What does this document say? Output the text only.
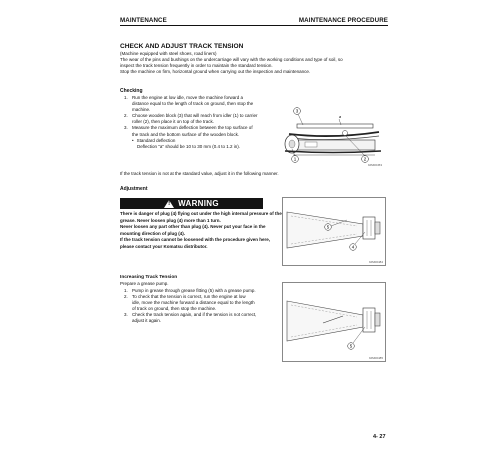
MAINTENANCE	MAINTENANCE PROCEDURE
CHECK AND ADJUST TRACK TENSION
(Machine equipped with steel shoes, road liners)
The wear of the pins and bushings on the undercarriage will vary with the working conditions and type of soil, so
inspect the track tension frequently in order to maintain the standard tension.
Stop the machine on firm, horizontal ground when carrying out the inspection and maintenance.
Checking
1. Run the engine at low idle, move the machine forward a
distance equal to the length of track on ground, then stop the
machine.
2. Choose wooden block (3) that will reach from idler (1) to carrier
roller (2), then place it on top of the track.
3. Measure the maximum deflection between the top surface of
the track and the bottom surface of the wooden block.
• Standard deflection
Deflection "a" should be 10 to 30 mm (0.4 to 1.2 in).
3
a
1	2
9JM00453
If the track tension is not at the standard value, adjust it in the following manner.
Adjustment
! WARNING
There is danger of plug (4) flying out under the high internal pressure of the
grease. Never loosen plug (4) more than 1 turn.
Never loosen any part other than plug (4). Never put your face in the
mounting direction of plug (4).
If the track tension cannot be loosened with the procedure given here,
please contact your Komatsu distributor.
5
4
9JM00484
Increasing Track Tension
Prepare a grease pump.
1. Pump in grease through grease fitting (5) with a grease pump.
2. To check that the tension is correct, run the engine at low
idle, move the machine forward a distance equal to the length
of track on ground, then stop the machine.
3. Check the track tension again, and if the tension is not correct,
adjust it again.
5
9JM00485
4- 27
